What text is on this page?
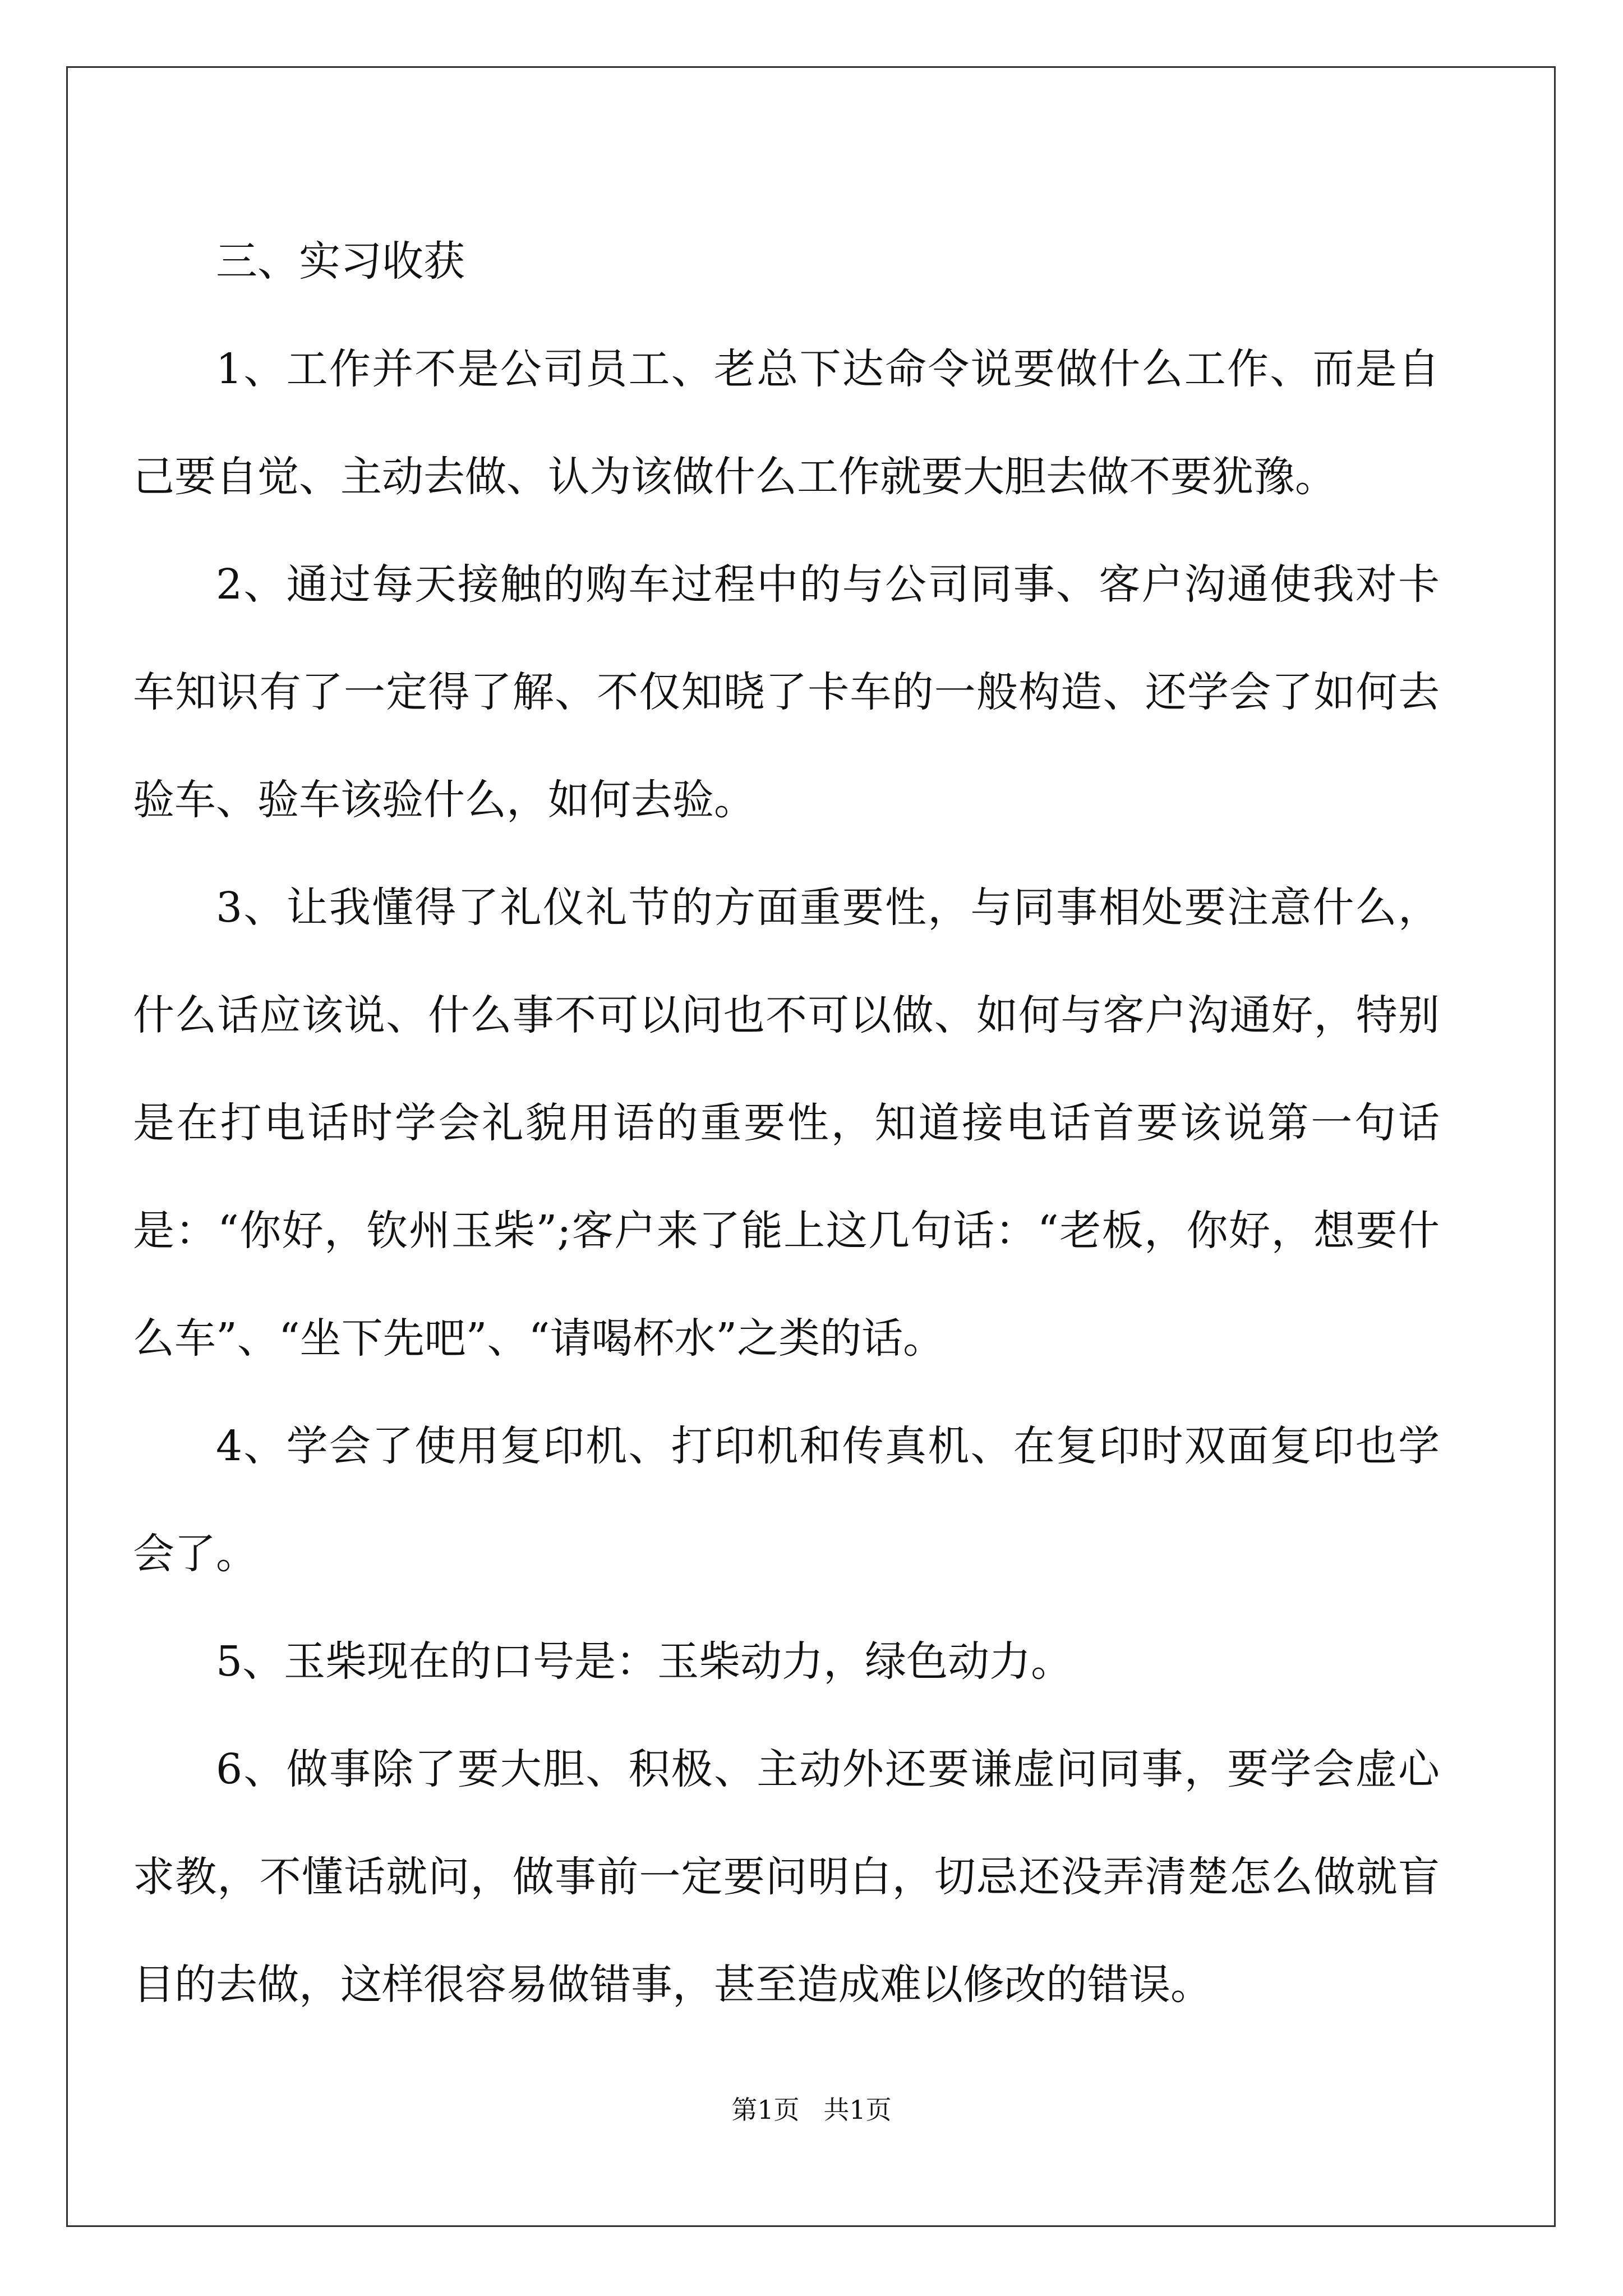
三、实习收获

1、工作并不是公司员工、老总下达命令说要做什么工作、而是自己要自觉、主动去做、认为该做什么工作就要大胆去做不要犹豫。

2、通过每天接触的购车过程中的与公司同事、客户沟通使我对卡车知识有了一定得了解、不仅知晓了卡车的一般构造、还学会了如何去验车、验车该验什么，如何去验。

3、让我懂得了礼仪礼节的方面重要性，与同事相处要注意什么，什么话应该说、什么事不可以问也不可以做、如何与客户沟通好，特别是在打电话时学会礼貌用语的重要性，知道接电话首要该说第一句话是：“你好，钦州玉柴”;客户来了能上这几句话：“老板，你好，想要什么车”、“坐下先吧”、“请喝杯水”之类的话。

4、学会了使用复印机、打印机和传真机、在复印时双面复印也学会了。

5、玉柴现在的口号是：玉柴动力，绿色动力。

6、做事除了要大胆、积极、主动外还要谦虚问同事，要学会虚心求教，不懂话就问，做事前一定要问明白，切忌还没弄清楚怎么做就盲目的去做，这样很容易做错事，甚至造成难以修改的错误。

第1页 共1页
